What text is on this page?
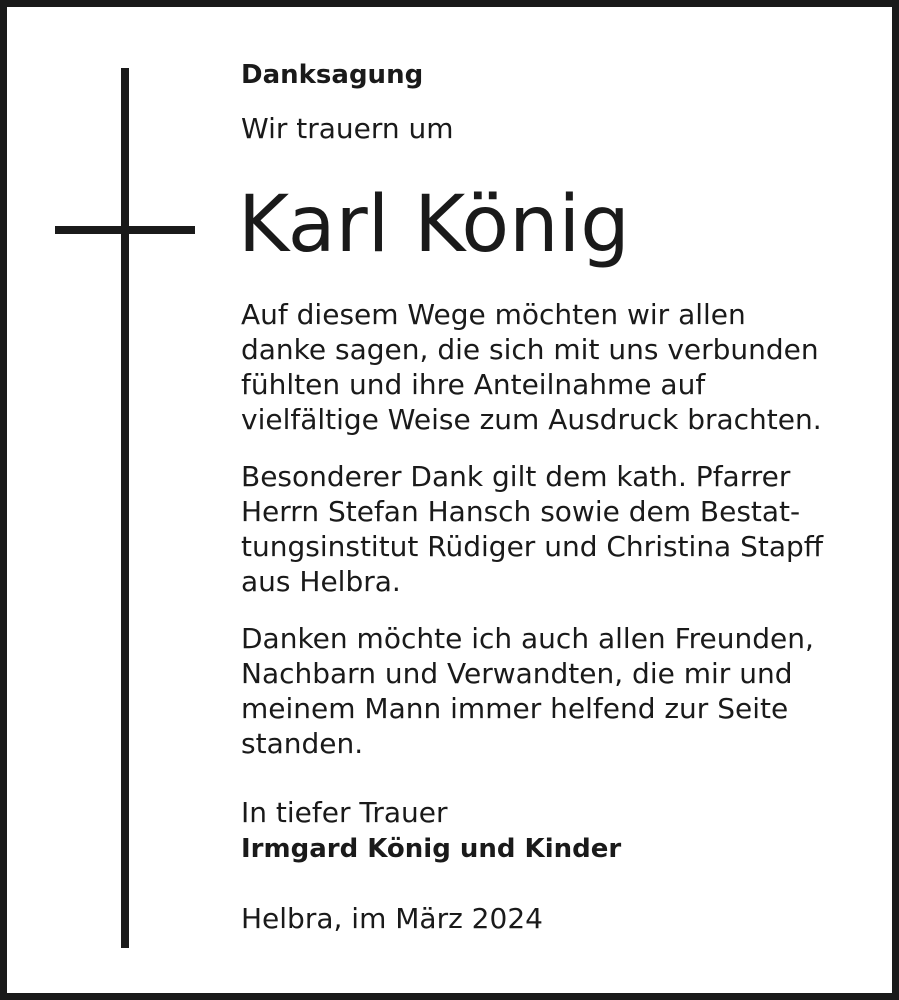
Danksagung

Wir trauern um

Karl König

Auf diesem Wege möchten wir allen
danke sagen, die sich mit uns verbunden
fühlten und ihre Anteilnahme auf
vielfältige Weise zum Ausdruck brachten.

Besonderer Dank gilt dem kath. Pfarrer
Herrn Stefan Hansch sowie dem Bestat-
tungsinstitut Rüdiger und Christina Stapff
aus Helbra.

Danken möchte ich auch allen Freunden,
Nachbarn und Verwandten, die mir und
meinem Mann immer helfend zur Seite
standen.

In tiefer Trauer
Irmgard König und Kinder
Helbra, im März 2024
